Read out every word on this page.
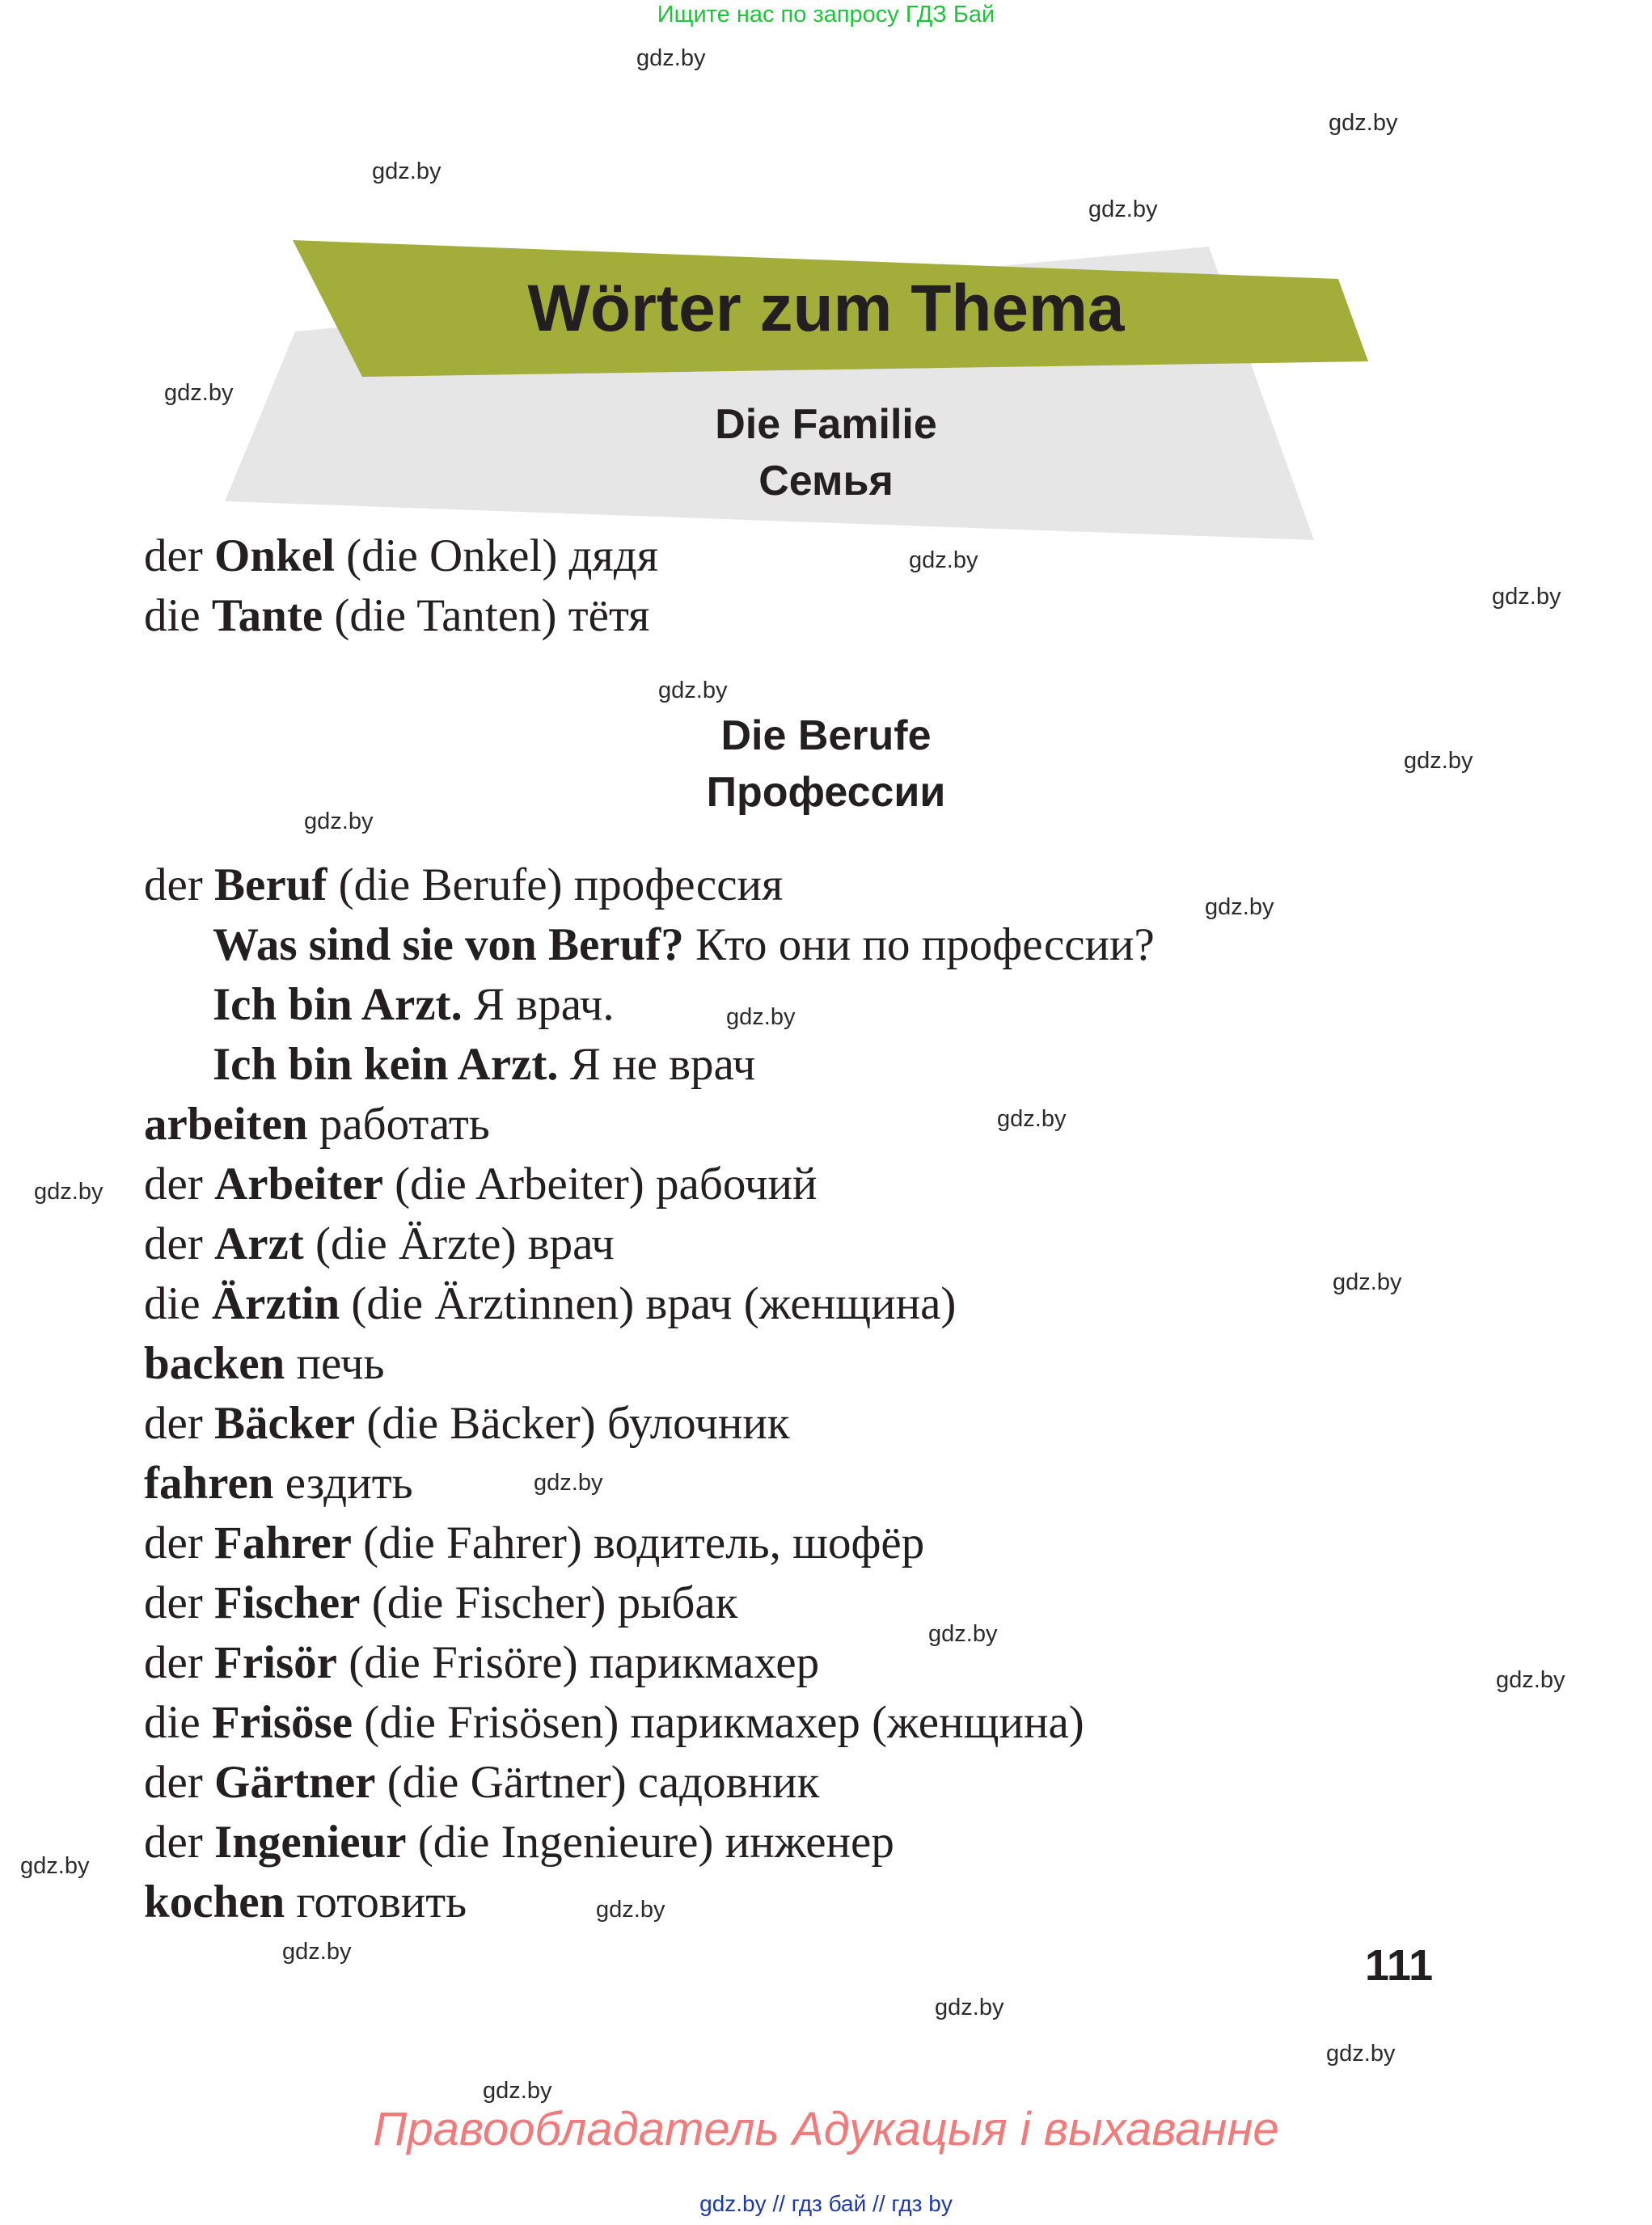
Ищите нас по запросу ГДЗ Бай
Wörter zum Thema
Die Familie
Семья
der Onkel (die Onkel) дядя
die Tante (die Tanten) тётя
Die Berufe
Профессии
der Beruf (die Berufe) профессия
Was sind sie von Beruf? Кто они по профессии?
Ich bin Arzt. Я врач.
Ich bin kein Arzt. Я не врач
arbeiten работать
der Arbeiter (die Arbeiter) рабочий
der Arzt (die Ärzte) врач
die Ärztin (die Ärztinnen) врач (женщина)
backen печь
der Bäcker (die Bäcker) булочник
fahren ездить
der Fahrer (die Fahrer) водитель, шофёр
der Fischer (die Fischer) рыбак
der Frisör (die Frisöre) парикмахер
die Frisöse (die Frisösen) парикмахер (женщина)
der Gärtner (die Gärtner) садовник
der Ingenieur (die Ingenieure) инженер
kochen готовить
111
Правообладатель Адукацыя і выхаванне
gdz.by // гдз бай // гдз by
gdz.by
gdz.by
gdz.by
gdz.by
gdz.by
gdz.by
gdz.by
gdz.by
gdz.by
gdz.by
gdz.by
gdz.by
gdz.by
gdz.by
gdz.by
gdz.by
gdz.by
gdz.by
gdz.by
gdz.by
gdz.by
gdz.by
gdz.by
gdz.by
